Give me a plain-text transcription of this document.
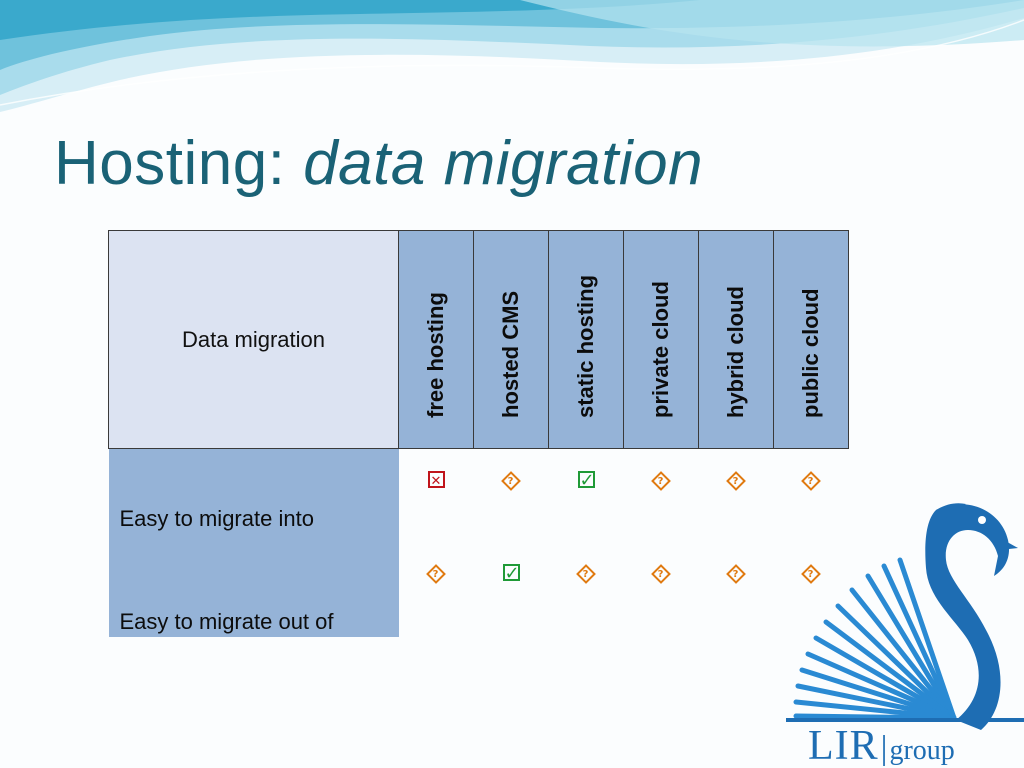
Hosting: data migration
Data migration	free hosting	hosted CMS	static hosting	private cloud	hybrid cloud	public cloud

Easy to migrate into	✕	?	✓	?	?	?
Easy to migrate out of	?	✓	?	?	?	?
LIR|group
